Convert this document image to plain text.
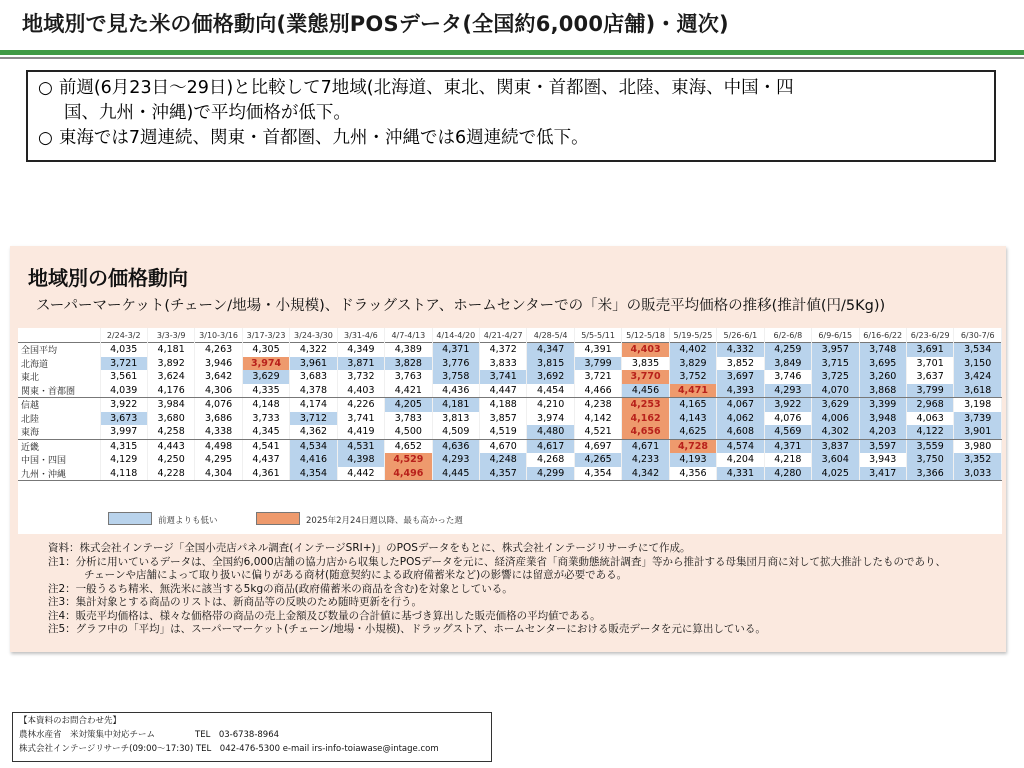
地域別で見た米の価格動向(業態別POSデータ(全国約6,000店舗)・週次)

○ 前週(6月23日～29日)と比較して7地域(北海道、東北、関東・首都圏、北陸、東海、中国・四

国、九州・沖縄)で平均価格が低下。

○ 東海では7週連続、関東・首都圏、九州・沖縄では6週連続で低下。

地域別の価格動向
スーパーマーケット(チェーン/地場・小規模)、ドラッグストア、ホームセンターでの「米」の販売平均価格の推移(推計値(円/5Kg))
	2/24-3/2	3/3-3/9	3/10-3/16	3/17-3/23	3/24-3/30	3/31-4/6	4/7-4/13	4/14-4/20	4/21-4/27	4/28-5/4	5/5-5/11	5/12-5/18	5/19-5/25	5/26-6/1	6/2-6/8	6/9-6/15	6/16-6/22	6/23-6/29	6/30-7/6
全国平均	4,035	4,181	4,263	4,305	4,322	4,349	4,389	4,371	4,372	4,347	4,391	4,403	4,402	4,332	4,259	3,957	3,748	3,691	3,534
北海道	3,721	3,892	3,946	3,974	3,961	3,871	3,828	3,776	3,833	3,815	3,799	3,835	3,829	3,852	3,849	3,715	3,695	3,701	3,150
東北	3,561	3,624	3,642	3,629	3,683	3,732	3,763	3,758	3,741	3,692	3,721	3,770	3,752	3,697	3,746	3,725	3,260	3,637	3,424
関東・首都圏	4,039	4,176	4,306	4,335	4,378	4,403	4,421	4,436	4,447	4,454	4,466	4,456	4,471	4,393	4,293	4,070	3,868	3,799	3,618
信越	3,922	3,984	4,076	4,148	4,174	4,226	4,205	4,181	4,188	4,210	4,238	4,253	4,165	4,067	3,922	3,629	3,399	2,968	3,198
北陸	3,673	3,680	3,686	3,733	3,712	3,741	3,783	3,813	3,857	3,974	4,142	4,162	4,143	4,062	4,076	4,006	3,948	4,063	3,739
東海	3,997	4,258	4,338	4,345	4,362	4,419	4,500	4,509	4,519	4,480	4,521	4,656	4,625	4,608	4,569	4,302	4,203	4,122	3,901
近畿	4,315	4,443	4,498	4,541	4,534	4,531	4,652	4,636	4,670	4,617	4,697	4,671	4,728	4,574	4,371	3,837	3,597	3,559	3,980
中国・四国	4,129	4,250	4,295	4,437	4,416	4,398	4,529	4,293	4,248	4,268	4,265	4,233	4,193	4,204	4,218	3,604	3,943	3,750	3,352
九州・沖縄	4,118	4,228	4,304	4,361	4,354	4,442	4,496	4,445	4,357	4,299	4,354	4,342	4,356	4,331	4,280	4,025	3,417	3,366	3,033
前週よりも低い	2025年2月24日週以降、最も高かった週

資料：株式会社インテージ「全国小売店パネル調査(インテージSRI+)」のPOSデータをもとに、株式会社インテージリサーチにて作成。

注1：分析に用いているデータは、全国約6,000店舗の協力店から収集したPOSデータを元に、経済産業省「商業動態統計調査」等から推計する母集団月商に対して拡大推計したものであり、

チェーンや店舗によって取り扱いに偏りがある商材(随意契約による政府備蓄米など)の影響には留意が必要である。

注2：一般うるち精米、無洗米に該当する5kgの商品(政府備蓄米の商品を含む)を対象としている。

注3：集計対象とする商品のリストは、新商品等の反映のため随時更新を行う。

注4：販売平均価格は、様々な価格帯の商品の売上金額及び数量の合計値に基づき算出した販売価格の平均値である。

注5：グラフ中の「平均」は、スーパーマーケット(チェーン/地場・小規模)、ドラッグストア、ホームセンターにおける販売データを元に算出している。

【本資料のお問合わせ先】

農林水産省　米対策集中対応チーム	TEL　03-6738-8964

株式会社インテージリサーチ(09:00～17:30) TEL　042-476-5300 e-mail irs-info-toiawase@intage.com
